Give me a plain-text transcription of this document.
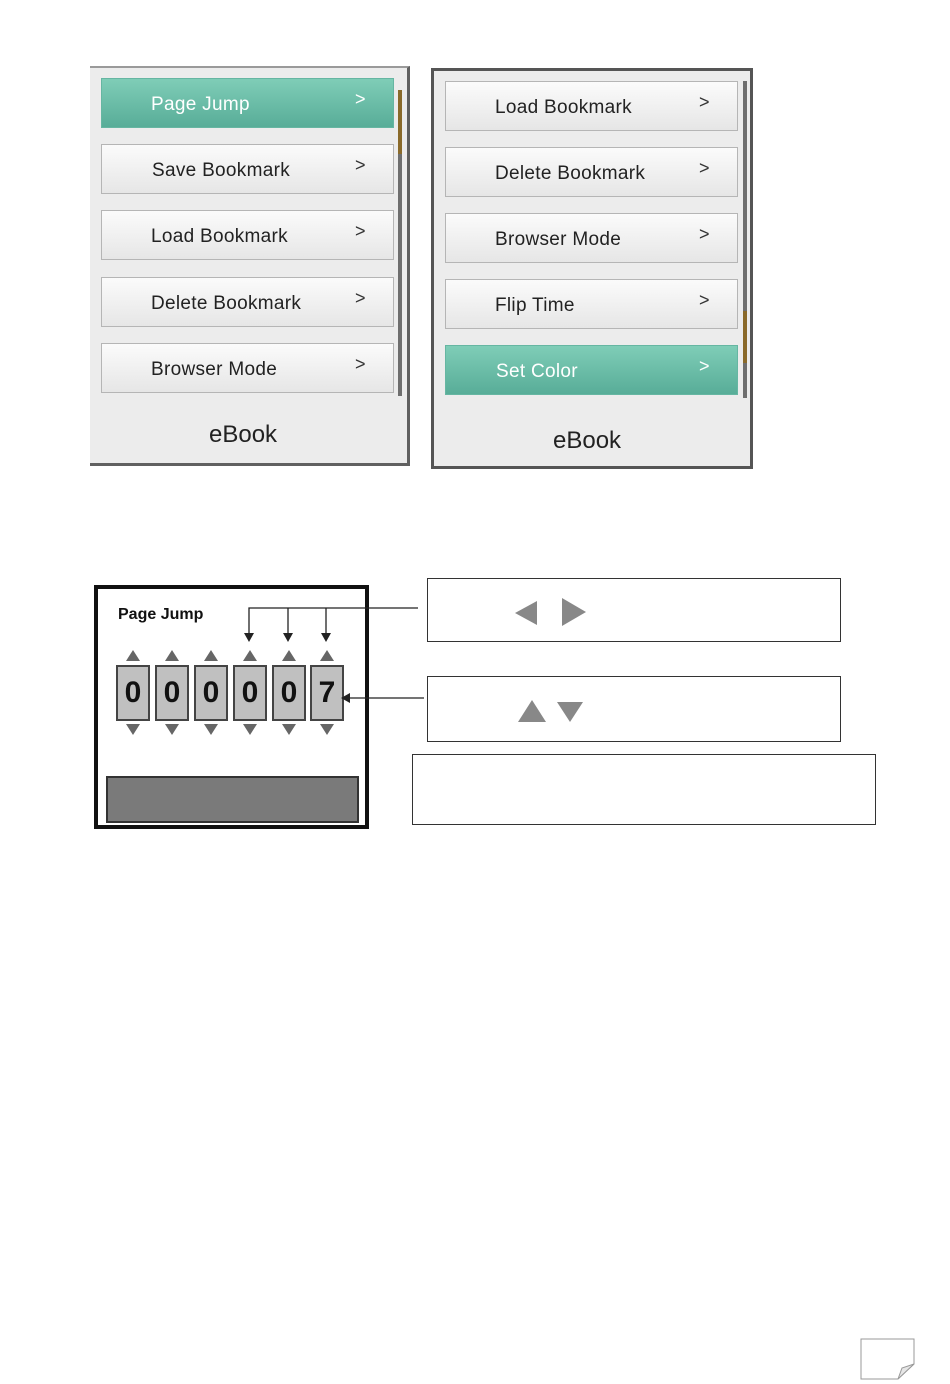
Page Jump	>
Save Bookmark	>
Load Bookmark	>
Delete Bookmark	>
Browser Mode	>
eBook
Load Bookmark	>
Delete Bookmark	>
Browser Mode	>
Flip Time	>
Set Color	>
eBook
Page Jump
0 0 0 0 0 7
